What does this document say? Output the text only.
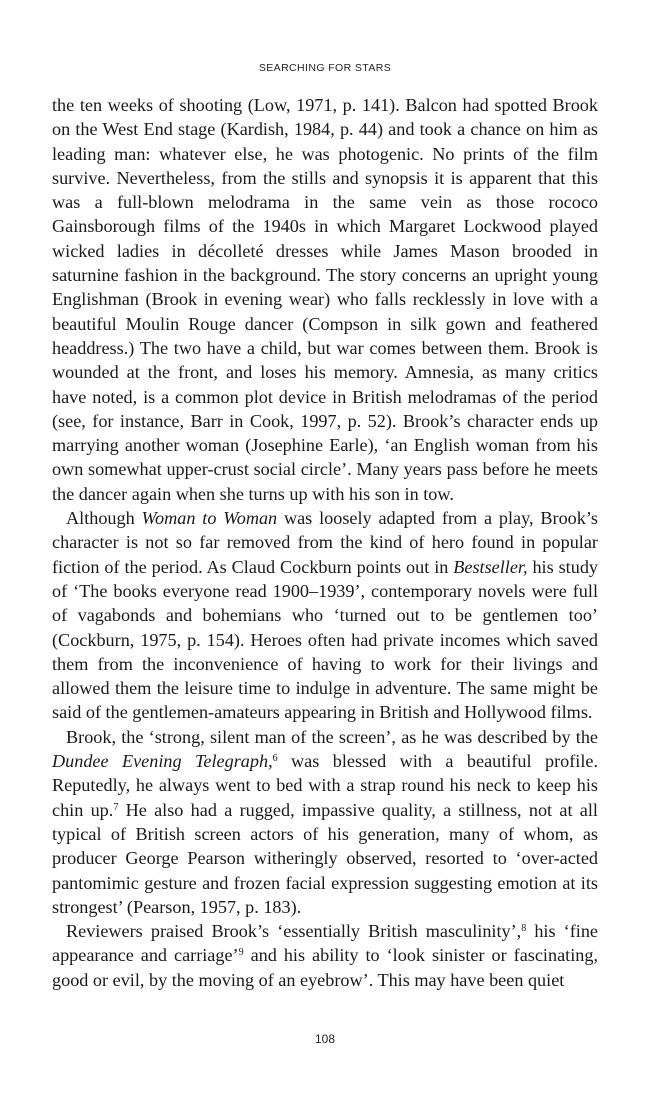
SEARCHING FOR STARS

the ten weeks of shooting (Low, 1971, p. 141). Balcon had spotted Brook on the West End stage (Kardish, 1984, p. 44) and took a chance on him as leading man: whatever else, he was photogenic. No prints of the film survive. Nevertheless, from the stills and synopsis it is apparent that this was a full-blown melodrama in the same vein as those rococo Gainsborough films of the 1940s in which Margaret Lockwood played wicked ladies in décolleté dresses while James Mason brooded in saturnine fashion in the background. The story concerns an upright young Englishman (Brook in evening wear) who falls recklessly in love with a beautiful Moulin Rouge dancer (Compson in silk gown and feathered headdress.) The two have a child, but war comes between them. Brook is wounded at the front, and loses his memory. Amnesia, as many critics have noted, is a common plot device in British melodramas of the period (see, for instance, Barr in Cook, 1997, p. 52). Brook’s character ends up marrying another woman (Josephine Earle), ‘an English woman from his own somewhat upper-crust social circle’. Many years pass before he meets the dancer again when she turns up with his son in tow.

Although Woman to Woman was loosely adapted from a play, Brook’s character is not so far removed from the kind of hero found in popular fiction of the period. As Claud Cockburn points out in Bestseller, his study of ‘The books everyone read 1900–1939’, contemporary novels were full of vagabonds and bohemians who ‘turned out to be gentlemen too’ (Cockburn, 1975, p. 154). Heroes often had private incomes which saved them from the inconvenience of having to work for their livings and allowed them the leisure time to indulge in adventure. The same might be said of the gentlemen-amateurs appearing in British and Hollywood films.

Brook, the ‘strong, silent man of the screen’, as he was described by the Dundee Evening Telegraph,$^6$ was blessed with a beautiful profile. Reputedly, he always went to bed with a strap round his neck to keep his chin up.$^7$ He also had a rugged, impassive quality, a stillness, not at all typical of British screen actors of his generation, many of whom, as producer George Pearson witheringly observed, resorted to ‘over-acted pantomimic gesture and frozen facial expression suggesting emotion at its strongest’ (Pearson, 1957, p. 183).

Reviewers praised Brook’s ‘essentially British masculinity’,$^8$ his ‘fine appearance and carriage’$^9$ and his ability to ‘look sinister or fascinating, good or evil, by the moving of an eyebrow’. This may have been quiet

108
